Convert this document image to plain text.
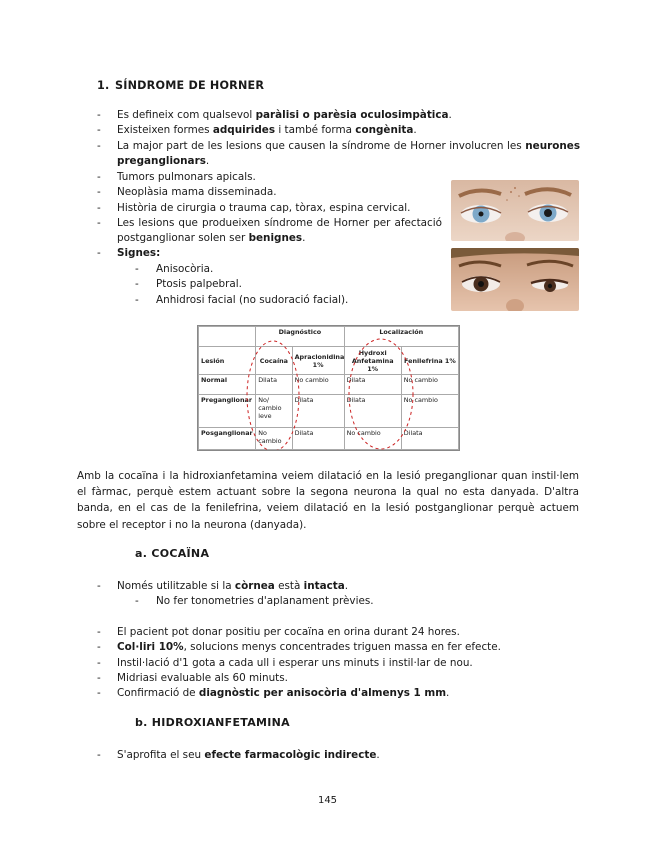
1. SÍNDROME DE HORNER
- Es defineix com qualsevol paràlisi o parèsia oculosimpàtica.
- Existeixen formes adquirides i també forma congènita.
- La major part de les lesions que causen la síndrome de Horner involucren les neurones preganglionars.
- Tumors pulmonars apicals.
- Neoplàsia mama disseminada.
- Història de cirurgia o trauma cap, tòrax, espina cervical.
- Les lesions que produeixen síndrome de Horner per afectació postganglionar solen ser benignes.
- Signes:
- Anisocòria.
- Ptosis palpebral.
- Anhidrosi facial (no sudoració facial).
	Diagnóstico		Localización	
Lesión	Cocaína	Apraclonidina 1%	Hydroxi Anfetamina 1%	Fenilefrina 1%
Normal	Dilata	No cambio	Dilata	No cambio
Preganglionar	No/ cambio leve	Dilata	Dilata	No cambio
Posganglionar	No cambio	Dilata	No cambio	Dilata

Amb la cocaïna i la hidroxianfetamina veiem dilatació en la lesió preganglionar quan instil·lem el fàrmac, perquè estem actuant sobre la segona neurona la qual no esta danyada. D'altra banda, en el cas de la fenilefrina, veiem dilatació en la lesió postganglionar perquè actuem sobre el receptor i no la neurona (danyada).

a. COCAÏNA
- Només utilitzable si la còrnea està intacta.
- No fer tonometries d'aplanament prèvies.
- El pacient pot donar positiu per cocaïna en orina durant 24 hores.
- Col·liri 10%, solucions menys concentrades triguen massa en fer efecte.
- Instil·lació d'1 gota a cada ull i esperar uns minuts i instil·lar de nou.
- Midriasi evaluable als 60 minuts.
- Confirmació de diagnòstic per anisocòria d'almenys 1 mm.
b. HIDROXIANFETAMINA
- S'aprofita el seu efecte farmacològic indirecte.
145
